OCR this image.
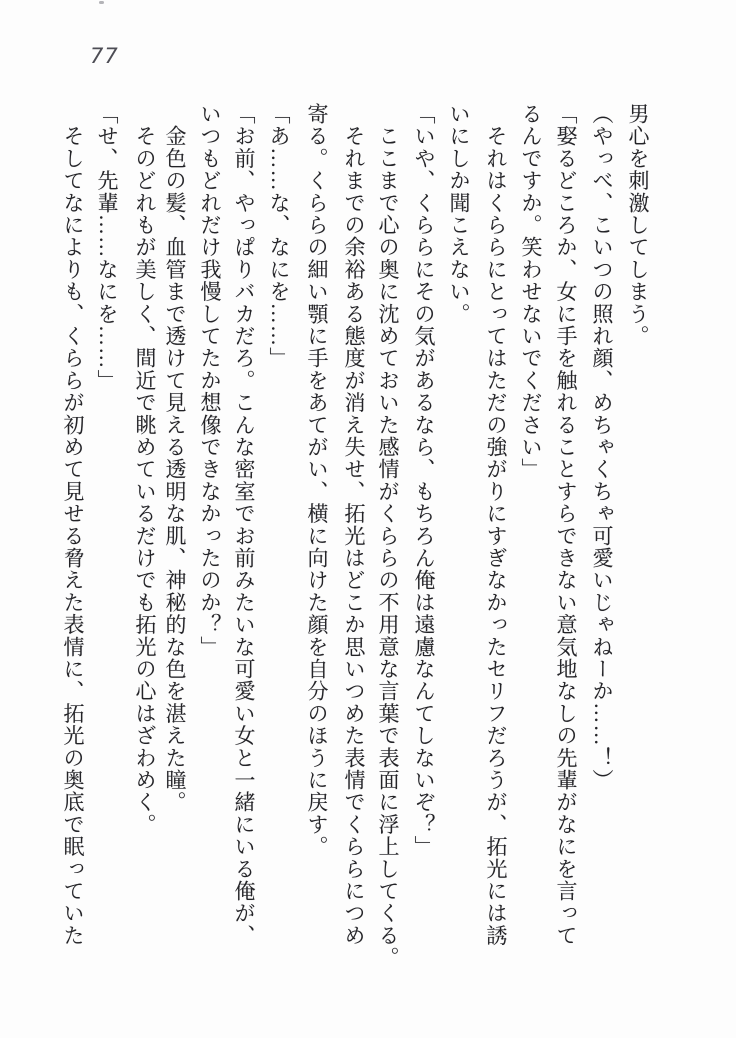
77
男心を刺激してしまう。
（やっべ、こいつの照れ顔、めちゃくちゃ可愛いじゃねーか……！）
「娶るどころか、女に手を触れることすらできない意気地なしの先輩がなにを言って
るんですか。笑わせないでください」
　それはくららにとってはただの強がりにすぎなかったセリフだろうが、拓光には誘
いにしか聞こえない。
「いや、くららにその気があるなら、もちろん俺は遠慮なんてしないぞ？」
　ここまで心の奥に沈めておいた感情がくららの不用意な言葉で表面に浮上してくる。
　それまでの余裕ある態度が消え失せ、拓光はどこか思いつめた表情でくららにつめ
寄る。くららの細い顎に手をあてがい、横に向けた顔を自分のほうに戻す。
「あ……な、なにを……」
「お前、やっぱりバカだろ。こんな密室でお前みたいな可愛い女と一緒にいる俺が、
いつもどれだけ我慢してたか想像できなかったのか？」
　金色の髪、血管まで透けて見える透明な肌、神秘的な色を湛えた瞳。
　そのどれもが美しく、間近で眺めているだけでも拓光の心はざわめく。
「せ、先輩……なにを……」
　そしてなによりも、くららが初めて見せる脅えた表情に、拓光の奥底で眠っていた
